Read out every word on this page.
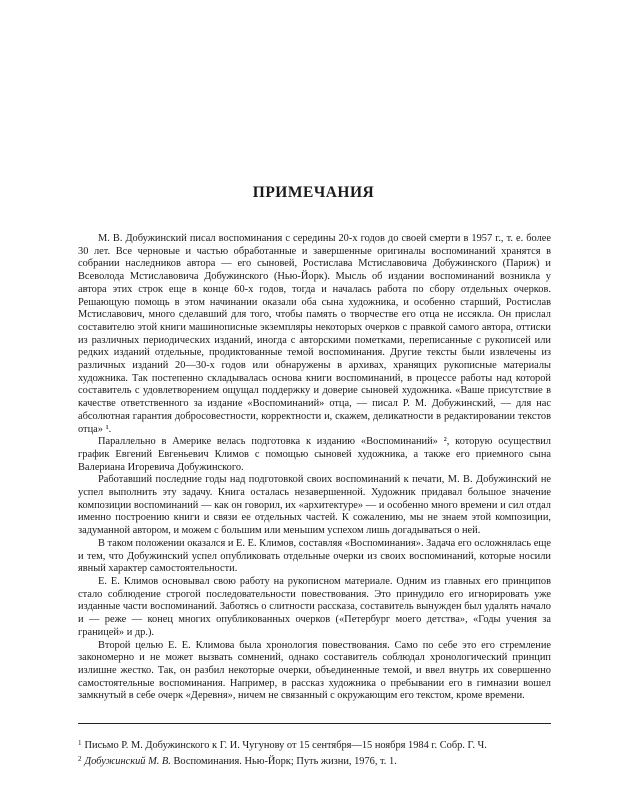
ПРИМЕЧАНИЯ

М. В. Добужинский писал воспоминания с середины 20-х годов до своей смерти в 1957 г., т. е. более 30 лет. Все черновые и частью обработанные и завершенные оригиналы воспоминаний хранятся в собрании наследников автора — его сыновей, Ростислава Мстиславовича Добужинского (Париж) и Всеволода Мстиславовича Добужинского (Нью-Йорк). Мысль об издании воспоминаний возникла у автора этих строк еще в конце 60-х годов, тогда и началась работа по сбору отдельных очерков. Решающую помощь в этом начинании оказали оба сына художника, и особенно старший, Ростислав Мстиславович, много сделавший для того, чтобы память о творчестве его отца не иссякла. Он прислал составителю этой книги машинописные экземпляры некоторых очерков с правкой самого автора, оттиски из различных периодических изданий, иногда с авторскими пометками, переписанные с рукописей или редких изданий отдельные, продиктованные темой воспоминания. Другие тексты были извлечены из различных изданий 20—30-х годов или обнаружены в архивах, хранящих рукописные материалы художника. Так постепенно складывалась основа книги воспоминаний, в процессе работы над которой составитель с удовлетворением ощущал поддержку и доверие сыновей художника. «Ваше присутствие в качестве ответственного за издание «Воспоминаний» отца, — писал Р. М. Добужинский, — для нас абсолютная гарантия добросовестности, корректности и, скажем, деликатности в редактировании текстов отца» ¹.

Параллельно в Америке велась подготовка к изданию «Воспоминаний» ², которую осуществил график Евгений Евгеньевич Климов с помощью сыновей художника, а также его приемного сына Валериана Игоревича Добужинского.

Работавший последние годы над подготовкой своих воспоминаний к печати, М. В. Добужинский не успел выполнить эту задачу. Книга осталась незавершенной. Художник придавал большое значение композиции воспоминаний — как он говорил, их «архитектуре» — и особенно много времени и сил отдал именно построению книги и связи ее отдельных частей. К сожалению, мы не знаем этой композиции, задуманной автором, и можем с большим или меньшим успехом лишь догадываться о ней.

В таком положении оказался и Е. Е. Климов, составляя «Воспоминания». Задача его осложнялась еще и тем, что Добужинский успел опубликовать отдельные очерки из своих воспоминаний, которые носили явный характер самостоятельности.

Е. Е. Климов основывал свою работу на рукописном материале. Одним из главных его принципов стало соблюдение строгой последовательности повествования. Это принудило его игнорировать уже изданные части воспоминаний. Заботясь о слитности рассказа, составитель вынужден был удалять начало и — реже — конец многих опубликованных очерков («Петербург моего детства», «Годы учения за границей» и др.).

Второй целью Е. Е. Климова была хронология повествования. Само по себе это его стремление закономерно и не может вызвать сомнений, однако составитель соблюдал хронологический принцип излишне жестко. Так, он разбил некоторые очерки, объединенные темой, и ввел внутрь их совершенно самостоятельные воспоминания. Например, в рассказ художника о пребывании его в гимназии вошел замкнутый в себе очерк «Деревня», ничем не связанный с окружающим его текстом, кроме времени.

$^1$ Письмо Р. М. Добужинского к Г. И. Чугунову от 15 сентября—15 ноября 1984 г. Собр. Г. Ч.

$^2$ Добужинский М. В. Воспоминания. Нью-Йорк; Путь жизни, 1976, т. 1.
